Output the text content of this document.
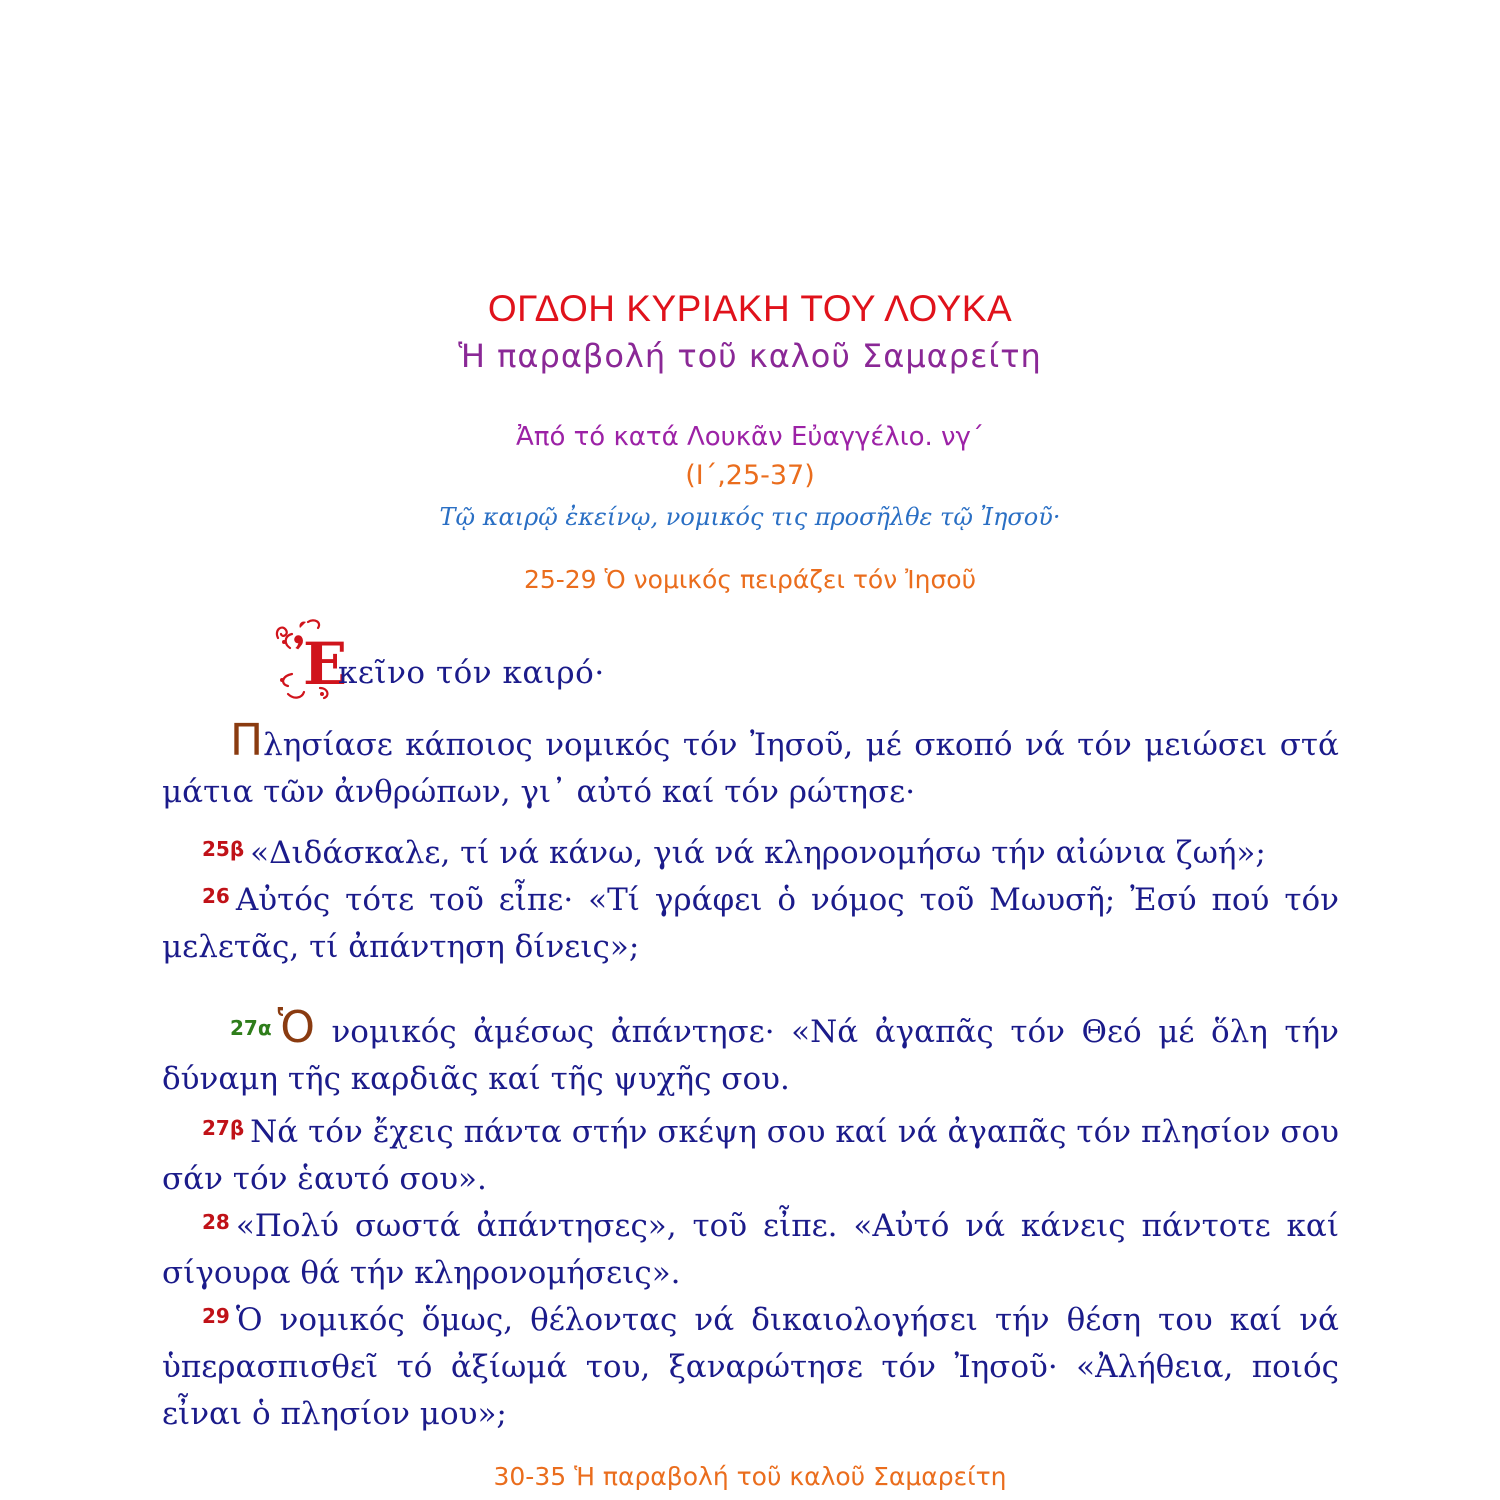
ΟΓΔΟΗ ΚΥΡΙΑΚΗ ΤΟΥ ΛΟΥΚΑ
Ἡ παραβολή τοῦ καλοῦ Σαμαρείτη
Ἀπό τό κατά Λουκᾶν Εὐαγγέλιο. νγ΄
(Ι΄,25-37)
Τῷ καιρῷ ἐκείνῳ, νομικός τις προσῆλθε τῷ Ἰησοῦ·
25-29 Ὁ νομικός πειράζει τόν Ἰησοῦ
Ἐ
κεῖνο τόν καιρό·
Πλησίασε κάποιος νομικός τόν Ἰησοῦ, μέ σκοπό νά τόν μειώσει στά μάτια τῶν ἀνθρώπων, γι᾽ αὐτό καί τόν ρώτησε·
$^{25\beta}$ «Διδάσκαλε, τί νά κάνω, γιά νά κληρονομήσω τήν αἰώνια ζωή»;
$^{26}$ Αὐτός τότε τοῦ εἶπε· «Τί γράφει ὁ νόμος τοῦ Μωυσῆ; Ἐσύ πού τόν μελετᾶς, τί ἀπάντηση δίνεις»;
$^{27\alpha}$ Ὁ νομικός ἀμέσως ἀπάντησε· «Νά ἀγαπᾶς τόν Θεό μέ ὅλη τήν δύναμη τῆς καρδιᾶς καί τῆς ψυχῆς σου.
$^{27\beta}$ Νά τόν ἔχεις πάντα στήν σκέψη σου καί νά ἀγαπᾶς τόν πλησίον σου σάν τόν ἑαυτό σου».
$^{28}$ «Πολύ σωστά ἀπάντησες», τοῦ εἶπε. «Αὐτό νά κάνεις πάντοτε καί σίγουρα θά τήν κληρονομήσεις».
$^{29}$ Ὁ νομικός ὅμως, θέλοντας νά δικαιολογήσει τήν θέση του καί νά ὑπερασπισθεῖ τό ἀξίωμά του, ξαναρώτησε τόν Ἰησοῦ· «Ἀλήθεια, ποιός εἶναι ὁ πλησίον μου»;
30-35 Ἡ παραβολή τοῦ καλοῦ Σαμαρείτη
